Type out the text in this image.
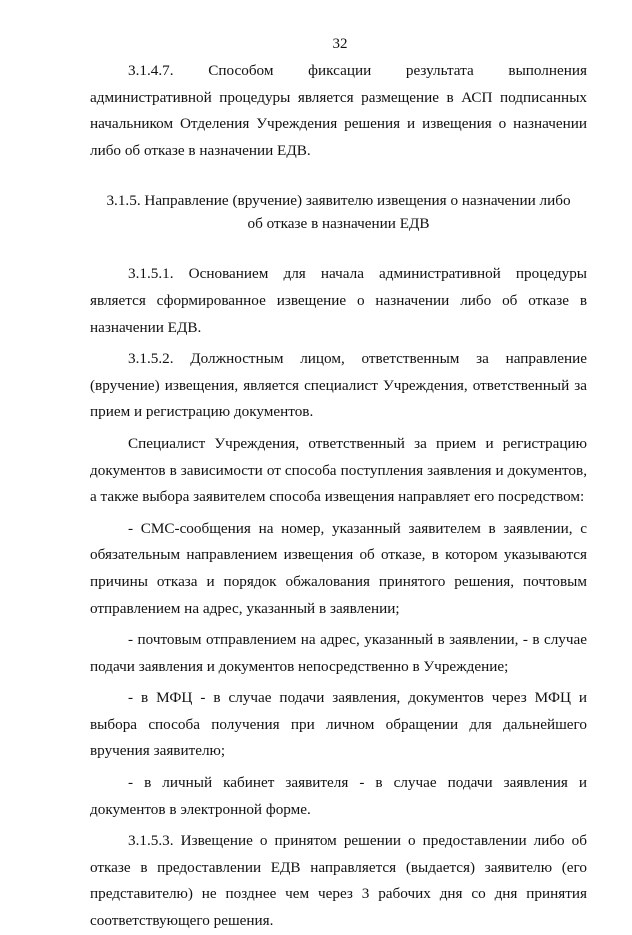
32

3.1.4.7. Способом фиксации результата выполнения административной процедуры является размещение в АСП подписанных начальником Отделения Учреждения решения и извещения о назначении либо об отказе в назначении ЕДВ.

3.1.5. Направление (вручение) заявителю извещения о назначении либо
об отказе в назначении ЕДВ

3.1.5.1. Основанием для начала административной процедуры является сформированное извещение о назначении либо об отказе в назначении ЕДВ.

3.1.5.2. Должностным лицом, ответственным за направление (вручение) извещения, является специалист Учреждения, ответственный за прием и регистрацию документов.

Специалист Учреждения, ответственный за прием и регистрацию документов в зависимости от способа поступления заявления и документов, а также выбора заявителем способа извещения направляет его посредством:

- СМС-сообщения на номер, указанный заявителем в заявлении, с обязательным направлением извещения об отказе, в котором указываются причины отказа и порядок обжалования принятого решения, почтовым отправлением на адрес, указанный в заявлении;

- почтовым отправлением на адрес, указанный в заявлении, - в случае подачи заявления и документов непосредственно в Учреждение;

- в МФЦ - в случае подачи заявления, документов через МФЦ и выбора способа получения при личном обращении для дальнейшего вручения заявителю;

- в личный кабинет заявителя - в случае подачи заявления и документов в электронной форме.

3.1.5.3. Извещение о принятом решении о предоставлении либо об отказе в предоставлении ЕДВ направляется (выдается) заявителю (его представителю) не позднее чем через 3 рабочих дня со дня принятия соответствующего решения.
